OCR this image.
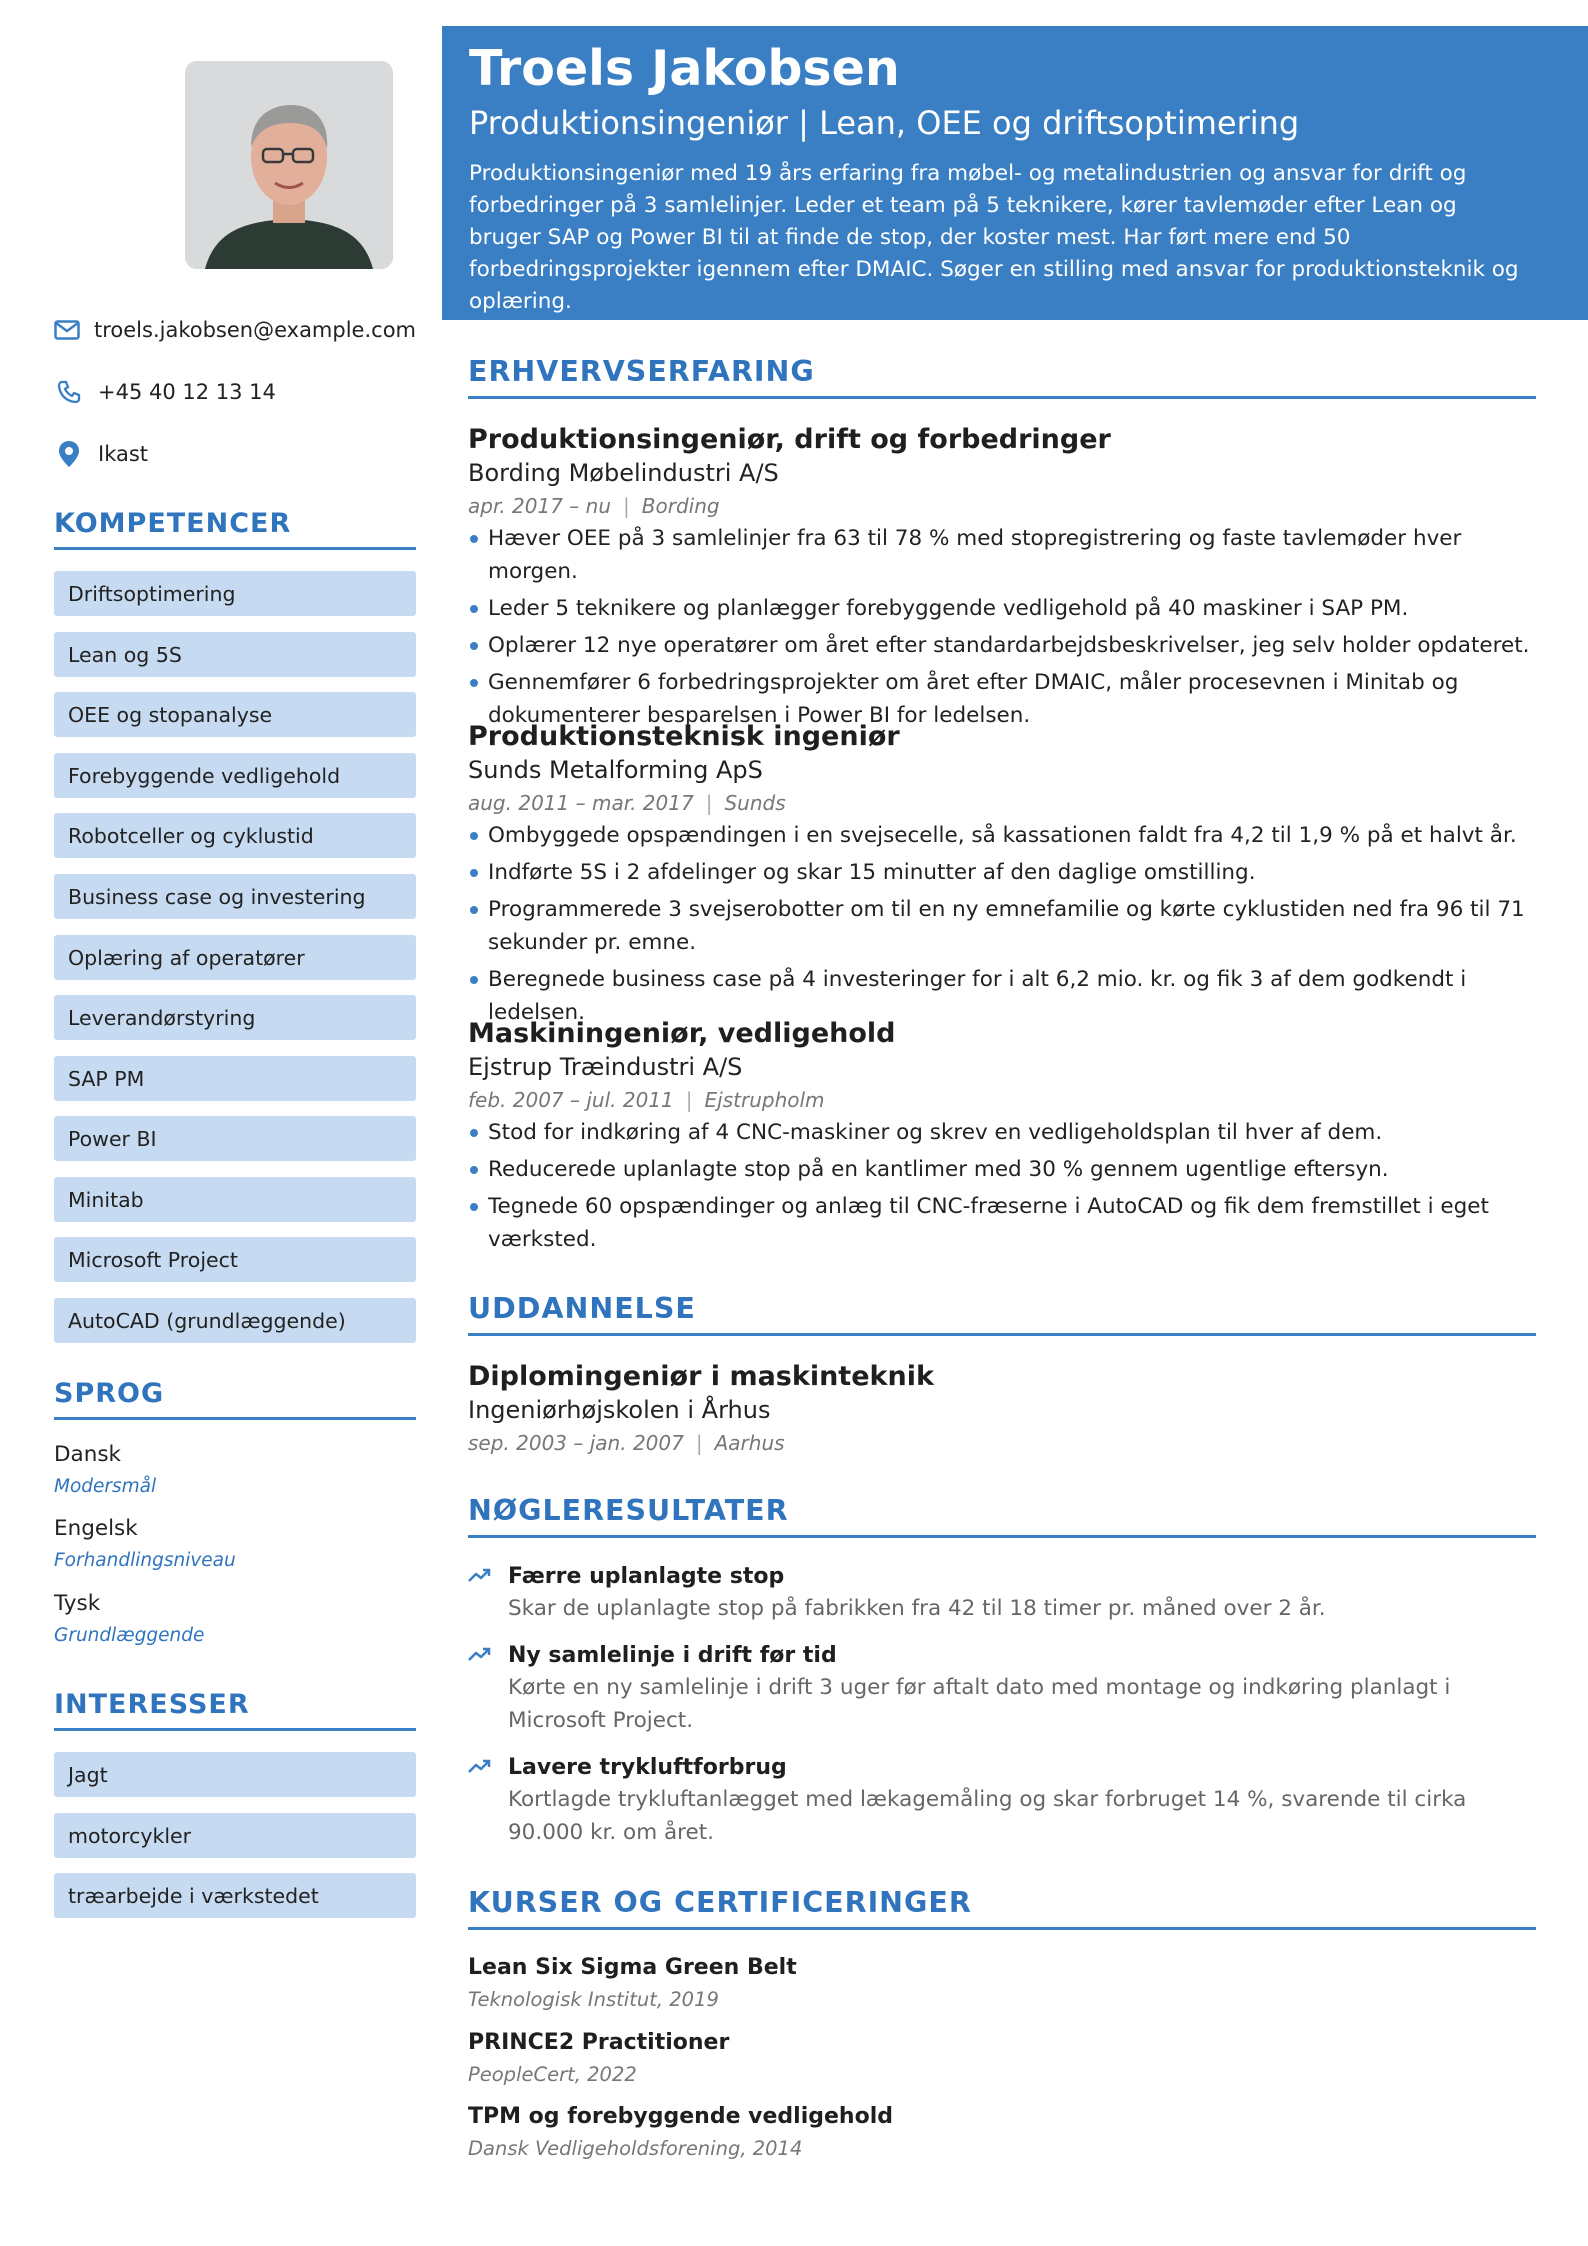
troels.jakobsen@example.com
+45 40 12 13 14
Ikast
KOMPETENCER
Driftsoptimering
Lean og 5S
OEE og stopanalyse
Forebyggende vedligehold
Robotceller og cyklustid
Business case og investering
Oplæring af operatører
Leverandørstyring
SAP PM
Power BI
Minitab
Microsoft Project
AutoCAD (grundlæggende)
SPROG
Dansk
Modersmål
Engelsk
Forhandlingsniveau
Tysk
Grundlæggende
INTERESSER
Jagt
motorcykler
træarbejde i værkstedet
Troels Jakobsen
Produktionsingeniør | Lean, OEE og driftsoptimering
Produktionsingeniør med 19 års erfaring fra møbel- og metalindustrien og ansvar for drift og forbedringer på 3 samlelinjer. Leder et team på 5 teknikere, kører tavlemøder efter Lean og bruger SAP og Power BI til at finde de stop, der koster mest. Har ført mere end 50 forbedringsprojekter igennem efter DMAIC. Søger en stilling med ansvar for produktionsteknik og oplæring.
ERHVERVSERFARING
Produktionsingeniør, drift og forbedringer
Bording Møbelindustri A/S
apr. 2017 – nu | Bording
Hæver OEE på 3 samlelinjer fra 63 til 78 % med stopregistrering og faste tavlemøder hver morgen.
Leder 5 teknikere og planlægger forebyggende vedligehold på 40 maskiner i SAP PM.
Oplærer 12 nye operatører om året efter standardarbejdsbeskrivelser, jeg selv holder opdateret.
Gennemfører 6 forbedringsprojekter om året efter DMAIC, måler procesevnen i Minitab og dokumenterer besparelsen i Power BI for ledelsen.
Produktionsteknisk ingeniør
Sunds Metalforming ApS
aug. 2011 – mar. 2017 | Sunds
Ombyggede opspændingen i en svejsecelle, så kassationen faldt fra 4,2 til 1,9 % på et halvt år.
Indførte 5S i 2 afdelinger og skar 15 minutter af den daglige omstilling.
Programmerede 3 svejserobotter om til en ny emnefamilie og kørte cyklustiden ned fra 96 til 71 sekunder pr. emne.
Beregnede business case på 4 investeringer for i alt 6,2 mio. kr. og fik 3 af dem godkendt i ledelsen.
Maskiningeniør, vedligehold
Ejstrup Træindustri A/S
feb. 2007 – jul. 2011 | Ejstrupholm
Stod for indkøring af 4 CNC-maskiner og skrev en vedligeholdsplan til hver af dem.
Reducerede uplanlagte stop på en kantlimer med 30 % gennem ugentlige eftersyn.
Tegnede 60 opspændinger og anlæg til CNC-fræserne i AutoCAD og fik dem fremstillet i eget værksted.
UDDANNELSE
Diplomingeniør i maskinteknik
Ingeniørhøjskolen i Århus
sep. 2003 – jan. 2007 | Aarhus
NØGLERESULTATER
Færre uplanlagte stop
Skar de uplanlagte stop på fabrikken fra 42 til 18 timer pr. måned over 2 år.
Ny samlelinje i drift før tid
Kørte en ny samlelinje i drift 3 uger før aftalt dato med montage og indkøring planlagt i Microsoft Project.
Lavere trykluftforbrug
Kortlagde trykluftanlægget med lækagemåling og skar forbruget 14 %, svarende til cirka 90.000 kr. om året.
KURSER OG CERTIFICERINGER
Lean Six Sigma Green Belt
Teknologisk Institut, 2019
PRINCE2 Practitioner
PeopleCert, 2022
TPM og forebyggende vedligehold
Dansk Vedligeholdsforening, 2014
